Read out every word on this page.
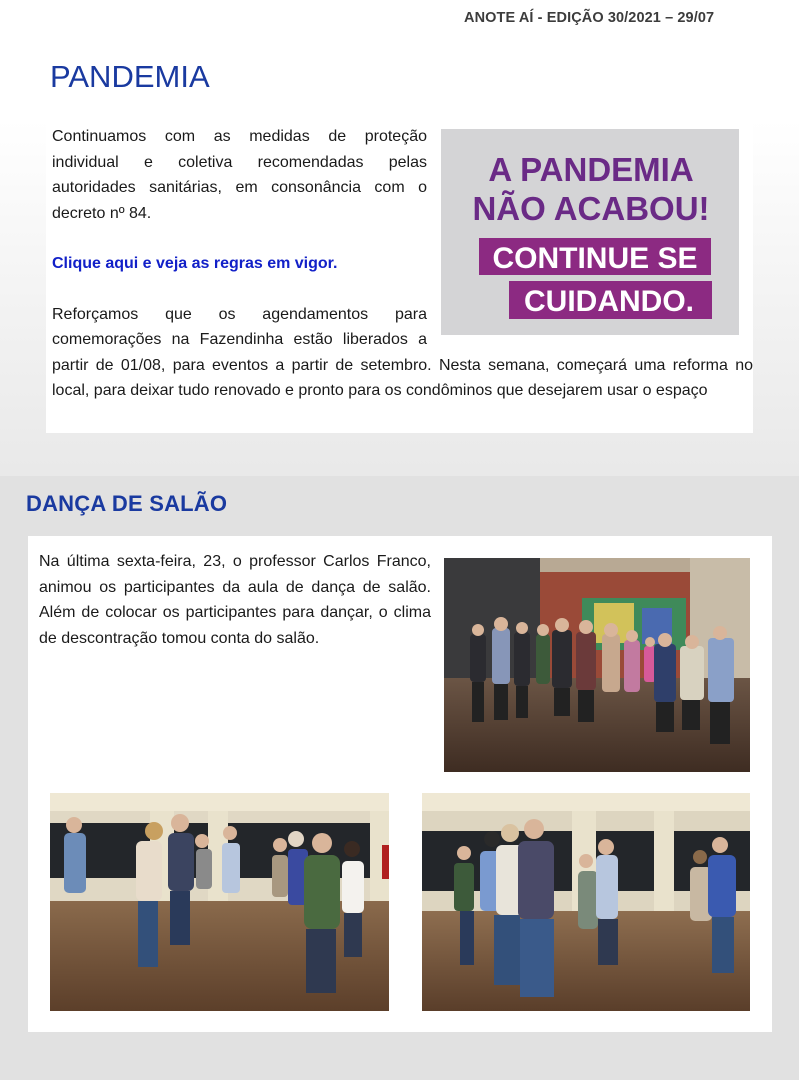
ANOTE AÍ - EDIÇÃO 30/2021 – 29/07
PANDEMIA
A PANDEMIA
NÃO ACABOU!
CONTINUE SE
CUIDANDO.

Continuamos com as medidas de proteção individual e coletiva recomendadas pelas autoridades sanitárias, em consonância com o decreto nº 84.

Clique aqui e veja as regras em vigor.

Reforçamos que os agendamentos para comemorações na Fazendinha estão liberados a partir de 01/08, para eventos a partir de setembro. Nesta semana, começará uma reforma no local, para deixar tudo renovado e pronto para os condôminos que desejarem usar o espaço

DANÇA DE SALÃO

Na última sexta-feira, 23, o professor Carlos Franco, animou os participantes da aula de dança de salão. Além de colocar os participantes para dançar, o clima de descontração tomou conta do salão.
